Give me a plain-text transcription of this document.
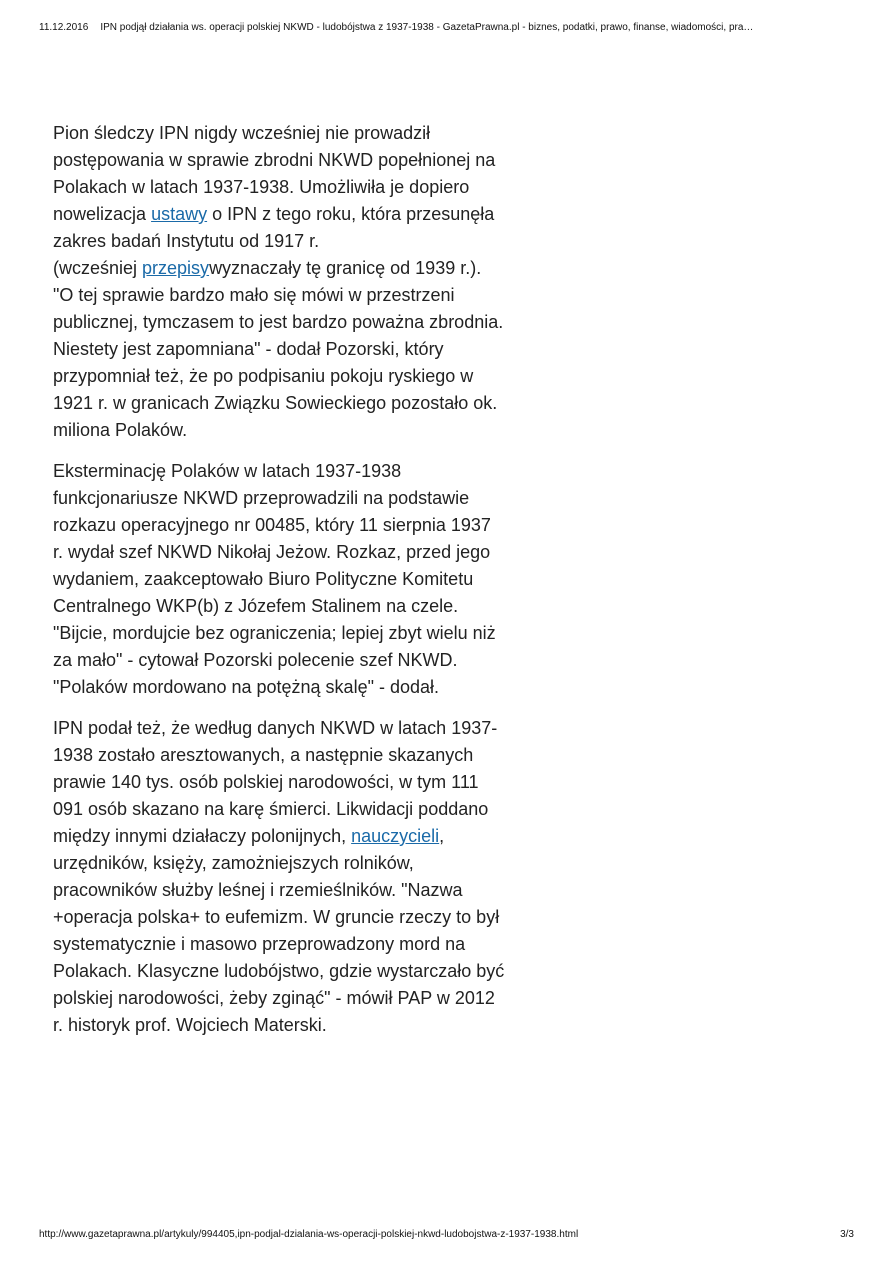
11.12.2016 IPN podjął działania ws. operacji polskiej NKWD - ludobójstwa z 1937-1938 - GazetaPrawna.pl - biznes, podatki, prawo, finanse, wiadomości, pra…

Pion śledczy IPN nigdy wcześniej nie prowadził postępowania w sprawie zbrodni NKWD popełnionej na Polakach w latach 1937-1938. Umożliwiła je dopiero nowelizacja ustawy o IPN z tego roku, która przesunęła zakres badań Instytutu od 1917 r.
(wcześniej przepisywyznaczały tę granicę od 1939 r.). "O tej sprawie bardzo mało się mówi w przestrzeni publicznej, tymczasem to jest bardzo poważna zbrodnia. Niestety jest zapomniana" - dodał Pozorski, który przypomniał też, że po podpisaniu pokoju ryskiego w 1921 r. w granicach Związku Sowieckiego pozostało ok. miliona Polaków.

Eksterminację Polaków w latach 1937-1938 funkcjonariusze NKWD przeprowadzili na podstawie rozkazu operacyjnego nr 00485, który 11 sierpnia 1937 r. wydał szef NKWD Nikołaj Jeżow. Rozkaz, przed jego wydaniem, zaakceptowało Biuro Polityczne Komitetu Centralnego WKP(b) z Józefem Stalinem na czele. "Bijcie, mordujcie bez ograniczenia; lepiej zbyt wielu niż za mało" - cytował Pozorski polecenie szef NKWD. "Polaków mordowano na potężną skalę" - dodał.

IPN podał też, że według danych NKWD w latach 1937-1938 zostało aresztowanych, a następnie skazanych prawie 140 tys. osób polskiej narodowości, w tym 111 091 osób skazano na karę śmierci. Likwidacji poddano między innymi działaczy polonijnych, nauczycieli, urzędników, księży, zamożniejszych rolników, pracowników służby leśnej i rzemieślników. "Nazwa +operacja polska+ to eufemizm. W gruncie rzeczy to był systematycznie i masowo przeprowadzony mord na Polakach. Klasyczne ludobójstwo, gdzie wystarczało być polskiej narodowości, żeby zginąć" - mówił PAP w 2012 r. historyk prof. Wojciech Materski.

http://www.gazetaprawna.pl/artykuly/994405,ipn-podjal-dzialania-ws-operacji-polskiej-nkwd-ludobojstwa-z-1937-1938.html	3/3
